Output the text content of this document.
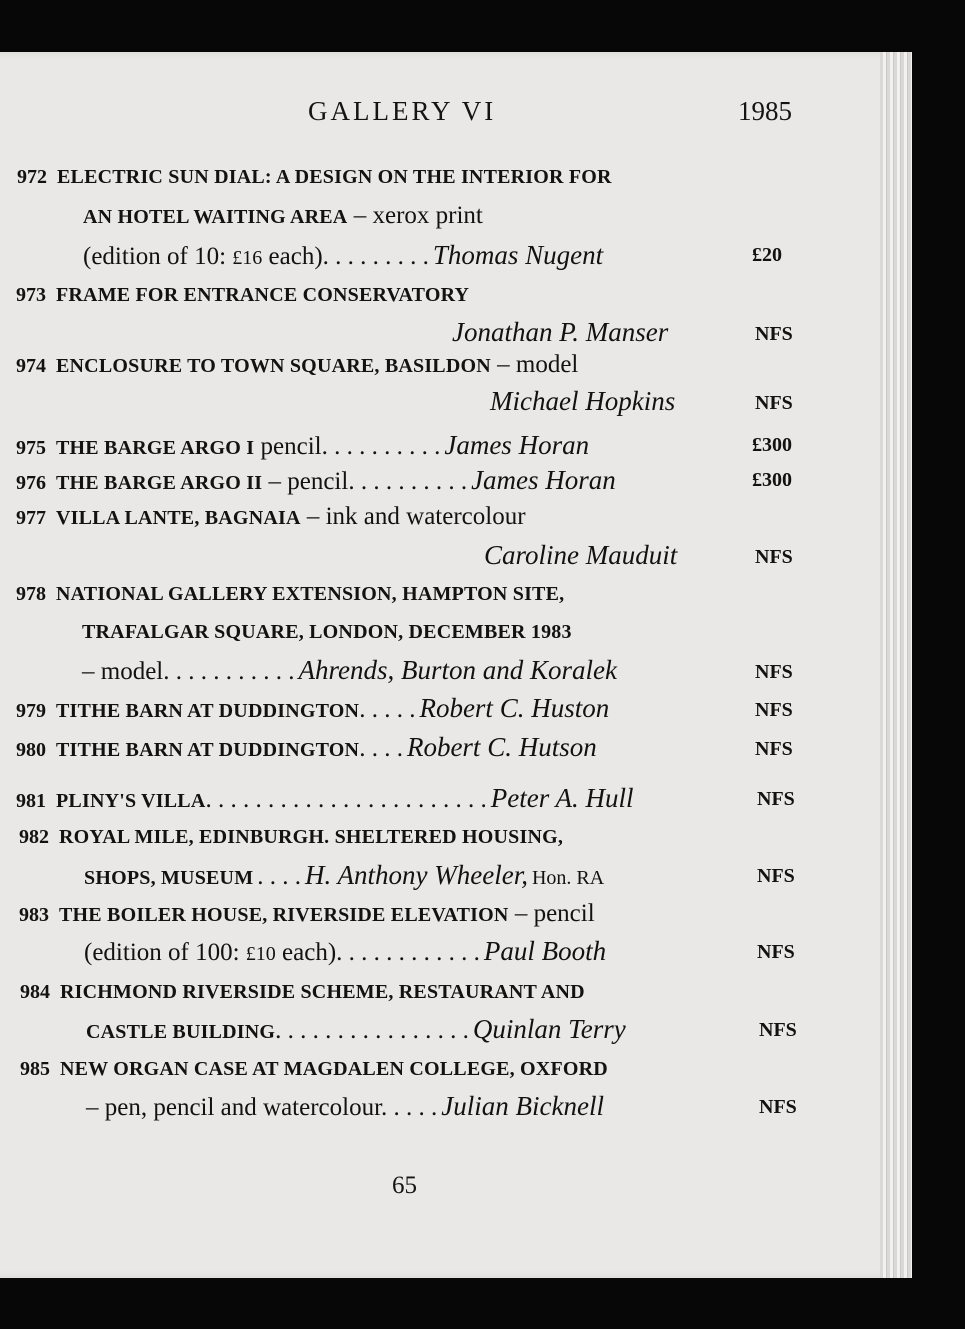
GALLERY VI	1985
972 ELECTRIC SUN DIAL: A DESIGN ON THE INTERIOR FOR
AN HOTEL WAITING AREA – xerox print
(edition of 10: £16 each). . . . . . . . . Thomas Nugent	£20
973 FRAME FOR ENTRANCE CONSERVATORY
Jonathan P. Manser	NFS
974 ENCLOSURE TO TOWN SQUARE, BASILDON – model
Michael Hopkins	NFS
975 THE BARGE ARGO I pencil. . . . . . . . . . James Horan	£300
976 THE BARGE ARGO II – pencil. . . . . . . . . . James Horan	£300
977 VILLA LANTE, BAGNAIA – ink and watercolour
Caroline Mauduit	NFS
978 NATIONAL GALLERY EXTENSION, HAMPTON SITE,
TRAFALGAR SQUARE, LONDON, DECEMBER 1983
– model. . . . . . . . . . . Ahrends, Burton and Koralek	NFS
979 TITHE BARN AT DUDDINGTON. . . . . Robert C. Huston	NFS
980 TITHE BARN AT DUDDINGTON. . . . Robert C. Hutson	NFS
981 PLINY'S VILLA. . . . . . . . . . . . . . . . . . . . . . . Peter A. Hull	NFS
982 ROYAL MILE, EDINBURGH. SHELTERED HOUSING,
SHOPS, MUSEUM . . . . H. Anthony Wheeler, Hon. RA	NFS
983 THE BOILER HOUSE, RIVERSIDE ELEVATION – pencil
(edition of 100: £10 each). . . . . . . . . . . . Paul Booth	NFS
984 RICHMOND RIVERSIDE SCHEME, RESTAURANT AND
CASTLE BUILDING. . . . . . . . . . . . . . . . Quinlan Terry	NFS
985 NEW ORGAN CASE AT MAGDALEN COLLEGE, OXFORD
– pen, pencil and watercolour. . . . . Julian Bicknell	NFS
65
